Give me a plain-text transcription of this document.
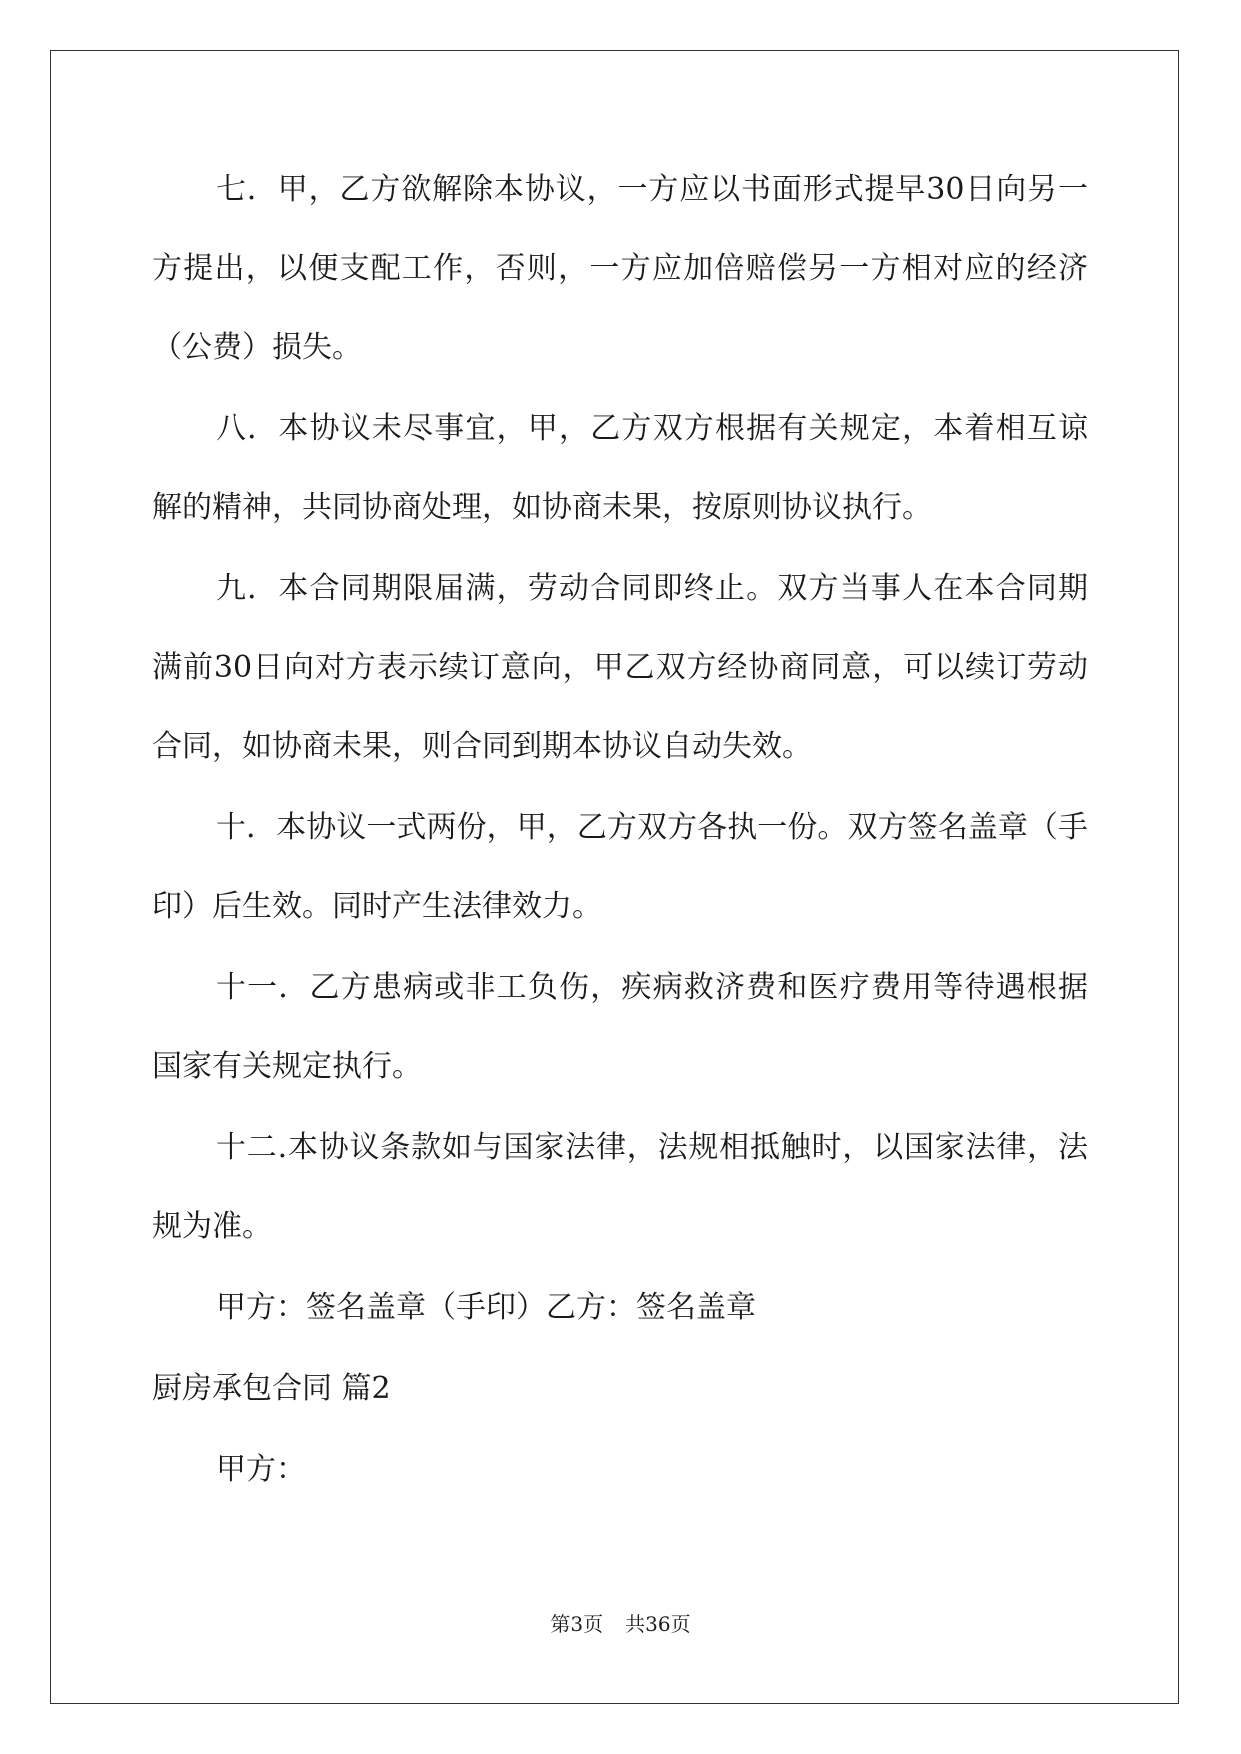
七．甲，乙方欲解除本协议，一方应以书面形式提早30日向另一
方提出，以便支配工作，否则，一方应加倍赔偿另一方相对应的经济
（公费）损失。
八．本协议未尽事宜，甲，乙方双方根据有关规定，本着相互谅
解的精神，共同协商处理，如协商未果，按原则协议执行。
九．本合同期限届满，劳动合同即终止。双方当事人在本合同期
满前30日向对方表示续订意向，甲乙双方经协商同意，可以续订劳动
合同，如协商未果，则合同到期本协议自动失效。
十．本协议一式两份，甲，乙方双方各执一份。双方签名盖章（手
印）后生效。同时产生法律效力。
十一．乙方患病或非工负伤，疾病救济费和医疗费用等待遇根据
国家有关规定执行。
十二.本协议条款如与国家法律，法规相抵触时，以国家法律，法
规为准。
甲方：签名盖章（手印）乙方：签名盖章
厨房承包合同 篇2
甲方：
第3页 共36页
